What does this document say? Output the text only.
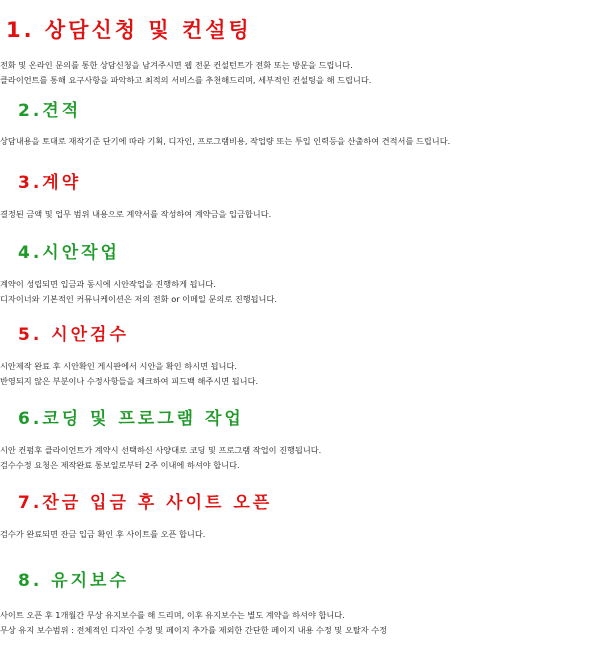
1. 상담신청 및 컨설팅

전화 및 온라인 문의를 통한 상담신청을 남겨주시면 웹 전문 컨설턴트가 전화 또는 방문을 드립니다.

클라이언트를 통해 요구사항을 파악하고 최적의 서비스를 추천해드리며, 세부적인 컨설팅을 해 드립니다.

2.견적

상담내용을 토대로 재작기준 단기에 따라 기획, 디자인, 프로그램비용, 작업량 또는 투입 인력등을 산출하여 견적서를 드립니다.

3.계약

결정된 금액 및 업무 범위 내용으로 계약서를 작성하여 계약금을 입금합니다.

4.시안작업

계약이 성립되면 입금과 동시에 시안작업을 진행하게 됩니다.

디자이너와 기본적인 커뮤니케이션은 저의 전화 or 이메일 문의로 진행됩니다.

5. 시안검수

시안제작 완료 후 시안확인 게시판에서 시안을 확인 하시면 됩니다.

반영되지 않은 부분이나 수정사항들을 체크하여 피드백 해주시면 됩니다.

6.코딩 및 프로그램 작업

시안 컨펌후 클라이언트가 계약시 선택하신 사양대로 코딩 및 프로그램 작업이 진행됩니다.

검수수정 요청은 제작완료 통보일로부터 2주 이내에 하셔야 합니다.

7.잔금 입금 후 사이트 오픈

검수가 완료되면 잔금 입금 확인 후 사이트를 오픈 합니다.

8. 유지보수

사이트 오픈 후 1개월간 무상 유지보수를 해 드리며, 이후 유지보수는 별도 계약을 하셔야 합니다.

무상 유지 보수범위 : 전체적인 디자인 수정 및 페이지 추가를 제외한 간단한 페이지 내용 수정 및 오탈자 수정
